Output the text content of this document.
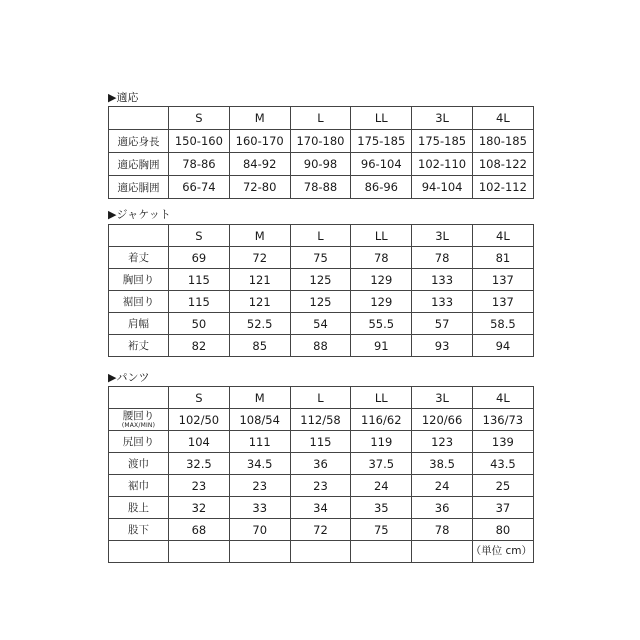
▶適応
	S	M	L	LL	3L	4L
適応身長	150-160	160-170	170-180	175-185	175-185	180-185
適応胸囲	78-86	84-92	90-98	96-104	102-110	108-122
適応胴囲	66-74	72-80	78-88	86-96	94-104	102-112
▶ジャケット
	S	M	L	LL	3L	4L
着丈	69	72	75	78	78	81
胸回り	115	121	125	129	133	137
裾回り	115	121	125	129	133	137
肩幅	50	52.5	54	55.5	57	58.5
裄丈	82	85	88	91	93	94
▶パンツ
	S	M	L	LL	3L	4L

腰回り
(MAX/MIN)	102/50	108/54	112/58	116/62	120/66	136/73
尻回り	104	111	115	119	123	139
渡巾	32.5	34.5	36	37.5	38.5	43.5
裾巾	23	23	23	24	24	25
股上	32	33	34	35	36	37
股下	68	70	72	75	78	80

（単位 cm）
